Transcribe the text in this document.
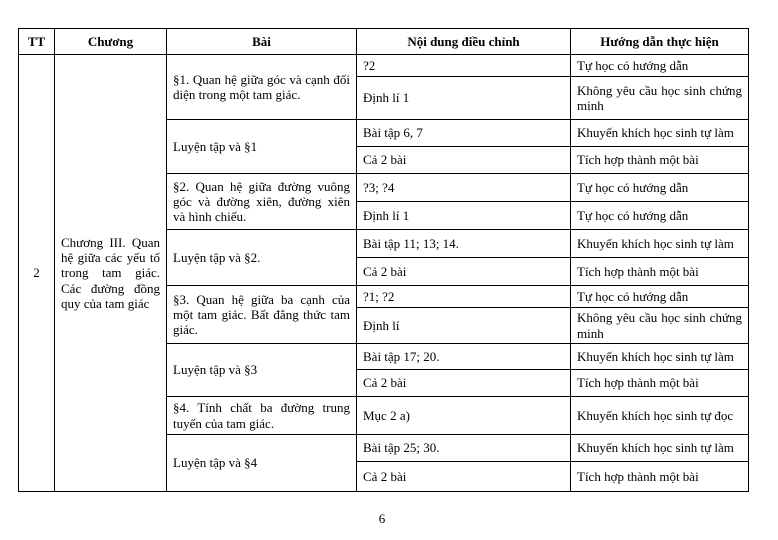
TT	Chương	Bài	Nội dung điều chỉnh	Hướng dẫn thực hiện
2	Chương III. Quan hệ giữa các yếu tố trong tam giác. Các đường đồng quy của tam giác	§1. Quan hệ giữa góc và cạnh đối diện trong một tam giác.	?2	Tự học có hướng dẫn
			Định lí 1	Không yêu cầu học sinh chứng minh
		Luyện tập và §1	Bài tập 6, 7	Khuyến khích học sinh tự làm
			Cả 2 bài	Tích hợp thành một bài
		§2. Quan hệ giữa đường vuông góc và đường xiên, đường xiên và hình chiếu.	?3; ?4	Tự học có hướng dẫn
			Định lí 1	Tự học có hướng dẫn
		Luyện tập và §2.	Bài tập 11; 13; 14.	Khuyến khích học sinh tự làm
			Cả 2 bài	Tích hợp thành một bài
		§3. Quan hệ giữa ba cạnh của một tam giác. Bất đẳng thức tam giác.	?1; ?2	Tự học có hướng dẫn
			Định lí	Không yêu cầu học sinh chứng minh
		Luyện tập và §3	Bài tập 17; 20.	Khuyến khích học sinh tự làm
			Cả 2 bài	Tích hợp thành một bài
		§4. Tính chất ba đường trung tuyến của tam giác.	Mục 2 a)	Khuyến khích học sinh tự đọc
		Luyện tập và §4	Bài tập 25; 30.	Khuyến khích học sinh tự làm
			Cả 2 bài	Tích hợp thành một bài
6
